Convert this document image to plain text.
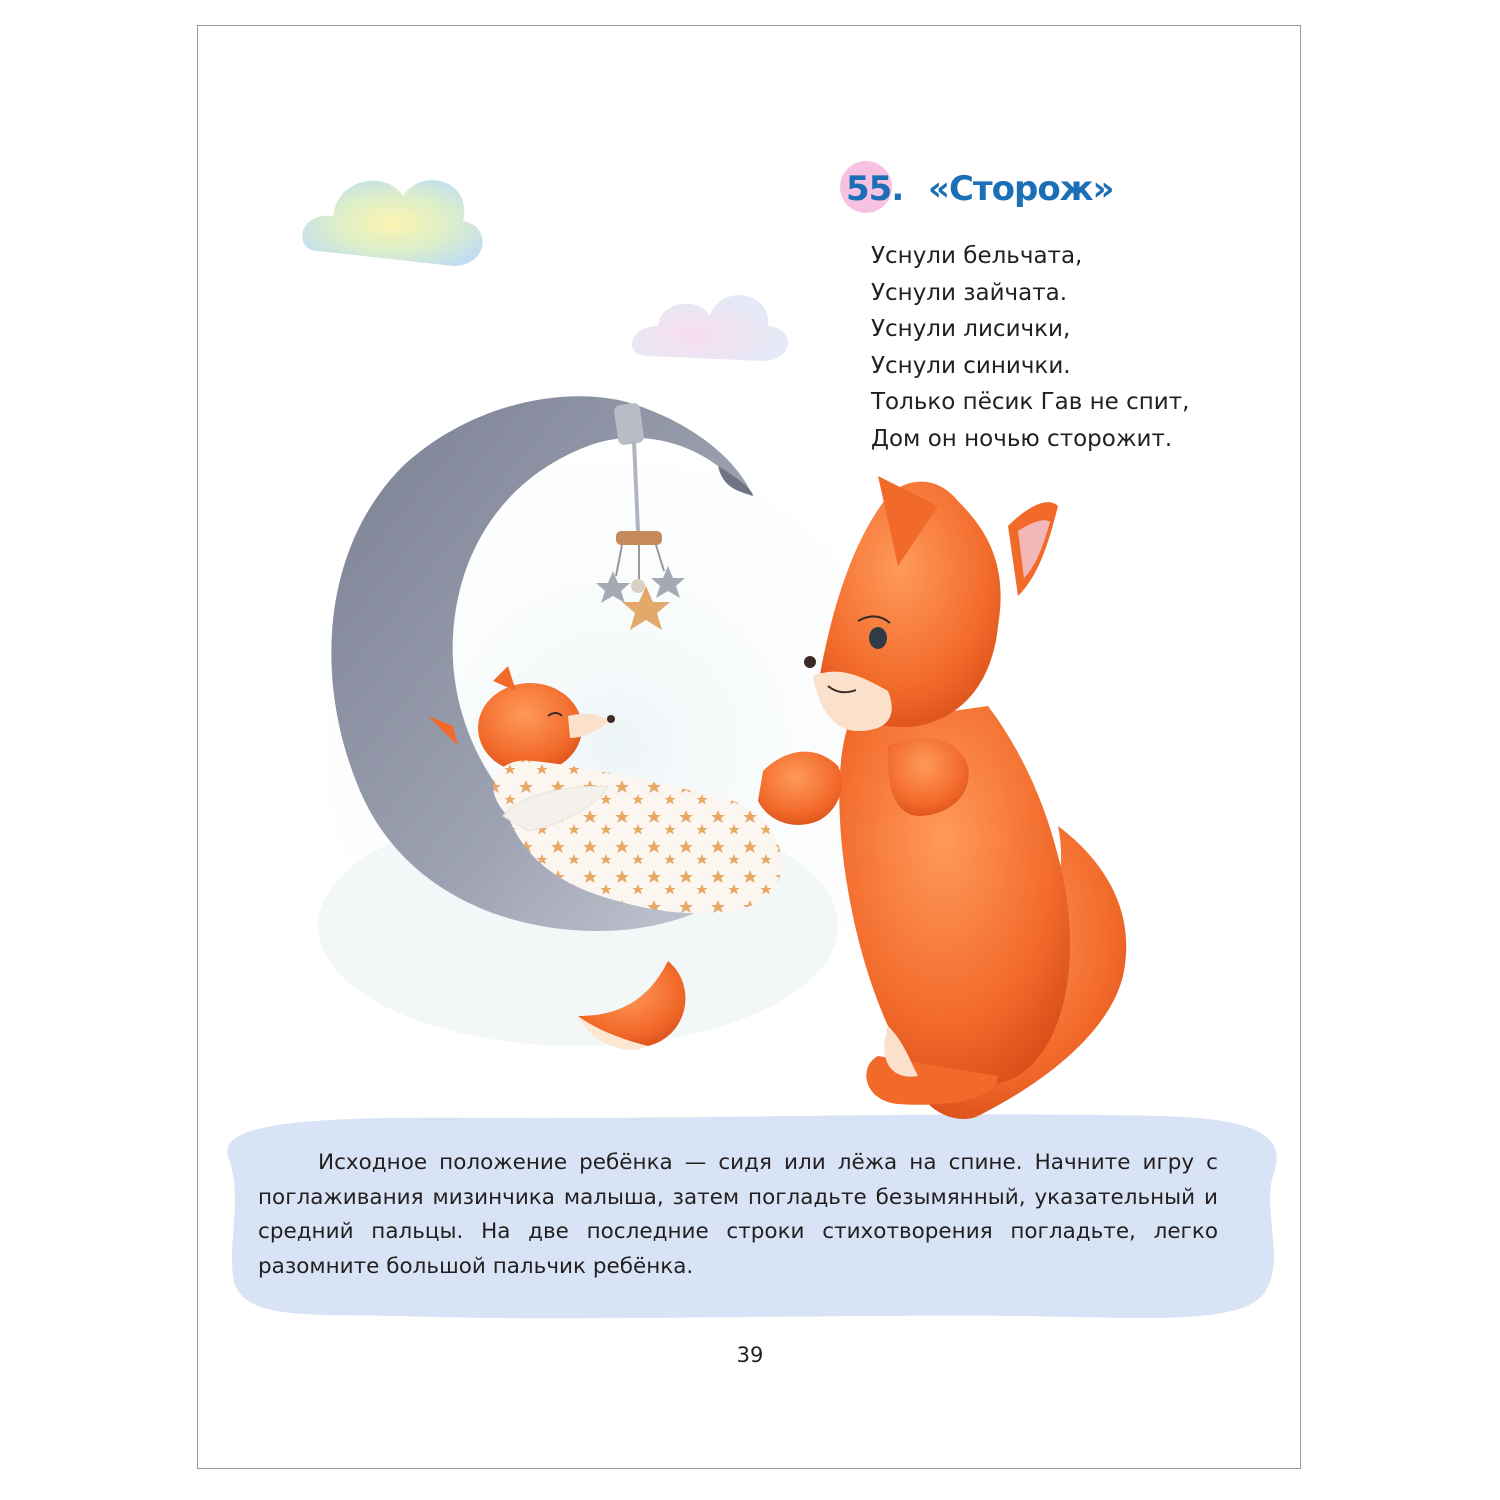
55. «Сторож»
Уснули бельчата,
Уснули зайчата.
Уснули лисички,
Уснули синички.
Только пёсик Гав не спит,
Дом он ночью сторожит.

Исходное положение ребёнка — сидя или лёжа на спине. Начните игру с поглаживания мизинчика малыша, затем погладьте безымянный, указательный и средний пальцы. На две последние строки стихотворения погладьте, легко разомните большой пальчик ребёнка.

39
